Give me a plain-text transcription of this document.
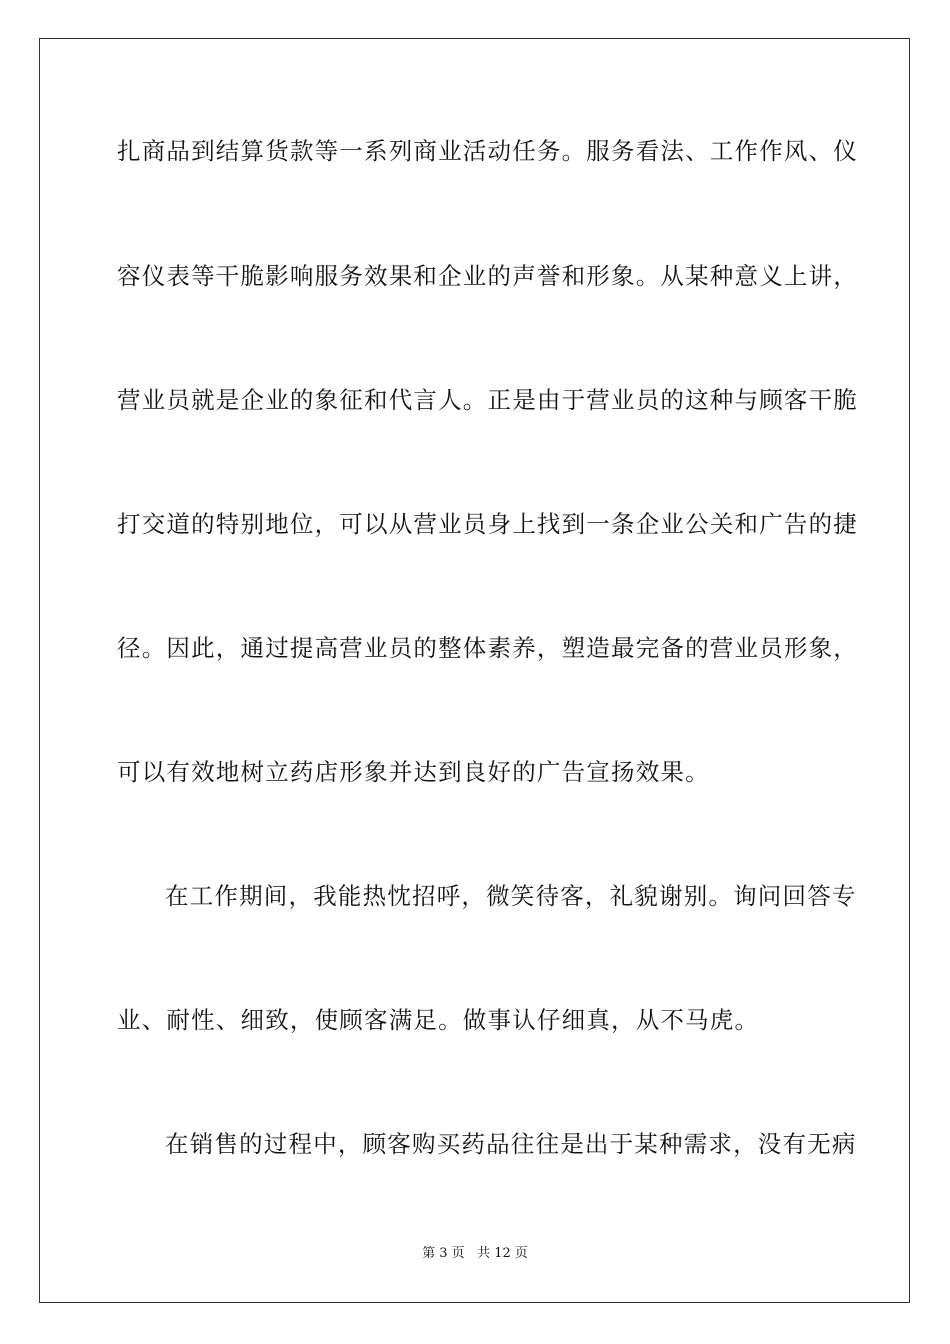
扎商品到结算货款等一系列商业活动任务。服务看法、工作作风、仪
容仪表等干脆影响服务效果和企业的声誉和形象。从某种意义上讲，
营业员就是企业的象征和代言人。正是由于营业员的这种与顾客干脆
打交道的特别地位，可以从营业员身上找到一条企业公关和广告的捷
径。因此，通过提高营业员的整体素养，塑造最完备的营业员形象，
可以有效地树立药店形象并达到良好的广告宣扬效果。
在工作期间，我能热忱招呼，微笑待客，礼貌谢别。询问回答专
业、耐性、细致，使顾客满足。做事认仔细真，从不马虎。
在销售的过程中，顾客购买药品往往是出于某种需求，没有无病
第 3 页 共 12 页
